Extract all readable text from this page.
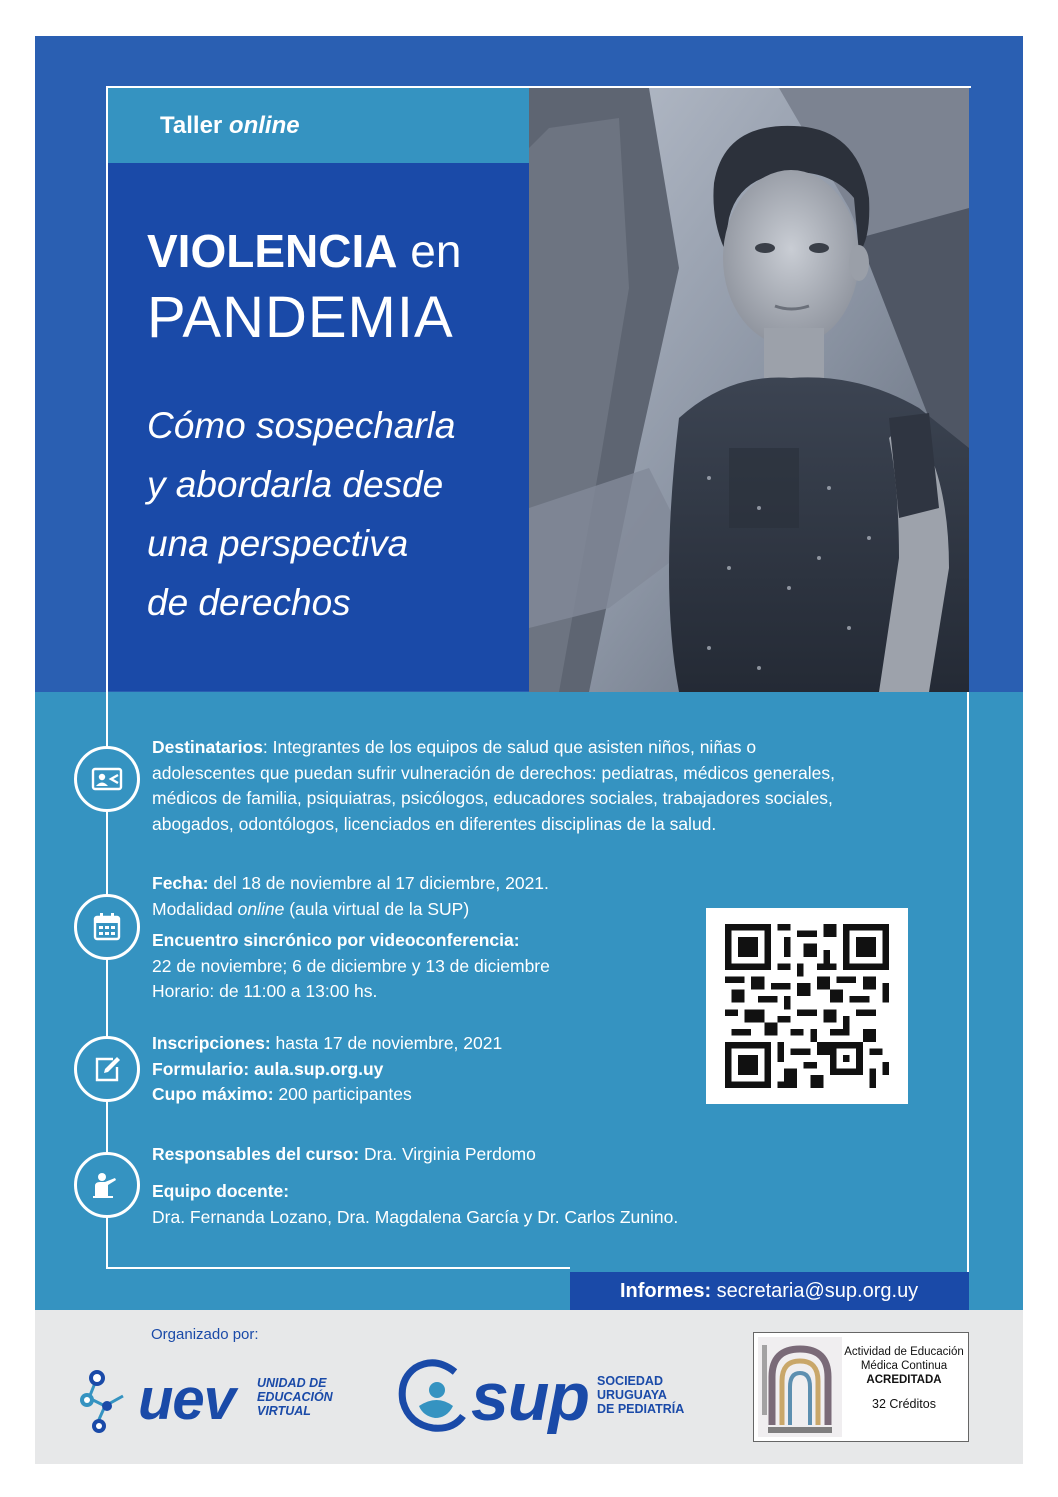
Taller online
VIOLENCIA en
PANDEMIA
Cómo sospecharla
y abordarla desde
una perspectiva
de derechos
Destinatarios: Integrantes de los equipos de salud que asisten niños, niñas o
adolescentes que puedan sufrir vulneración de derechos: pediatras, médicos generales,
médicos de familia, psiquiatras, psicólogos, educadores sociales, trabajadores sociales,
abogados, odontólogos, licenciados en diferentes disciplinas de la salud.
Fecha: del 18 de noviembre al 17 diciembre, 2021.
Modalidad online (aula virtual de la SUP)
Encuentro sincrónico por videoconferencia:
22 de noviembre; 6 de diciembre y 13 de diciembre
Horario: de 11:00 a 13:00 hs.
Inscripciones: hasta 17 de noviembre, 2021
Formulario: aula.sup.org.uy
Cupo máximo: 200 participantes
Responsables del curso: Dra. Virginia Perdomo
Equipo docente:
Dra. Fernanda Lozano, Dra. Magdalena García y Dr. Carlos Zunino.
Informes: secretaria@sup.org.uy
Organizado por:
uev UNIDAD DE
EDUCACIÓN
VIRTUAL	sup SOCIEDAD
URUGUAYA
DE PEDIATRÍA
Actividad de Educación
Médica Continua
ACREDITADA
32 Créditos
